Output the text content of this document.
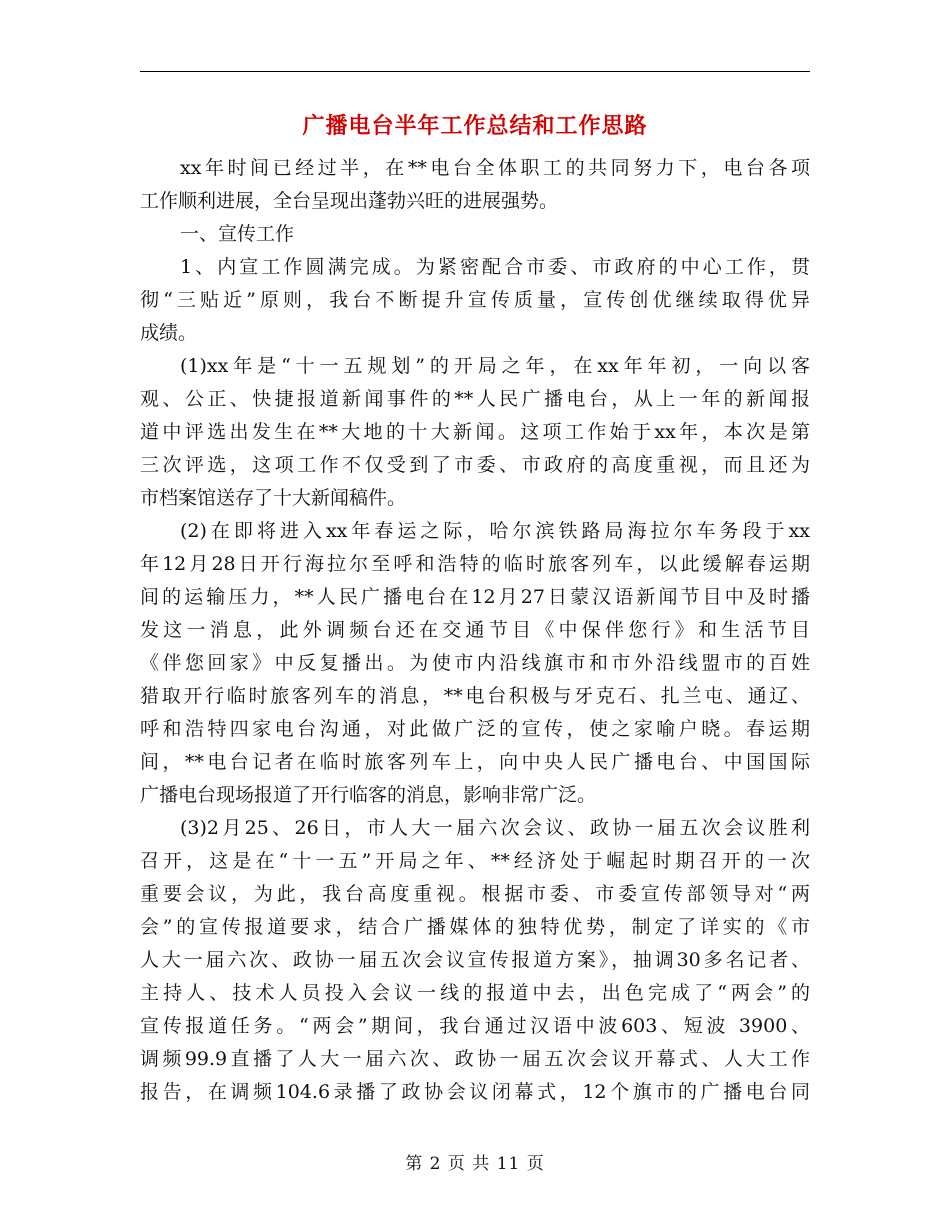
广播电台半年工作总结和工作思路
xx年时间已经过半，在**电台全体职工的共同努力下，电台各项
工作顺利进展，全台呈现出蓬勃兴旺的进展强势。
一、宣传工作
1、内宣工作圆满完成。为紧密配合市委、市政府的中心工作，贯
彻“三贴近”原则，我台不断提升宣传质量，宣传创优继续取得优异
成绩。
(1)xx年是“十一五规划”的开局之年，在xx年年初，一向以客
观、公正、快捷报道新闻事件的**人民广播电台，从上一年的新闻报
道中评选出发生在**大地的十大新闻。这项工作始于xx年，本次是第
三次评选，这项工作不仅受到了市委、市政府的高度重视，而且还为
市档案馆送存了十大新闻稿件。
(2)在即将进入xx年春运之际，哈尔滨铁路局海拉尔车务段于xx
年12月28日开行海拉尔至呼和浩特的临时旅客列车，以此缓解春运期
间的运输压力，**人民广播电台在12月27日蒙汉语新闻节目中及时播
发这一消息，此外调频台还在交通节目《中保伴您行》和生活节目
《伴您回家》中反复播出。为使市内沿线旗市和市外沿线盟市的百姓
猎取开行临时旅客列车的消息，**电台积极与牙克石、扎兰屯、通辽、
呼和浩特四家电台沟通，对此做广泛的宣传，使之家喻户晓。春运期
间，**电台记者在临时旅客列车上，向中央人民广播电台、中国国际
广播电台现场报道了开行临客的消息，影响非常广泛。
(3)2月25、26日，市人大一届六次会议、政协一届五次会议胜利
召开，这是在“十一五”开局之年、**经济处于崛起时期召开的一次
重要会议，为此，我台高度重视。根据市委、市委宣传部领导对“两
会”的宣传报道要求，结合广播媒体的独特优势，制定了详实的《市
人大一届六次、政协一届五次会议宣传报道方案》，抽调30多名记者、
主持人、技术人员投入会议一线的报道中去，出色完成了“两会”的
宣传报道任务。“两会”期间，我台通过汉语中波603、短波 3900、
调频99.9直播了人大一届六次、政协一届五次会议开幕式、人大工作
报告，在调频104.6录播了政协会议闭幕式，12个旗市的广播电台同
第 2 页 共 11 页
